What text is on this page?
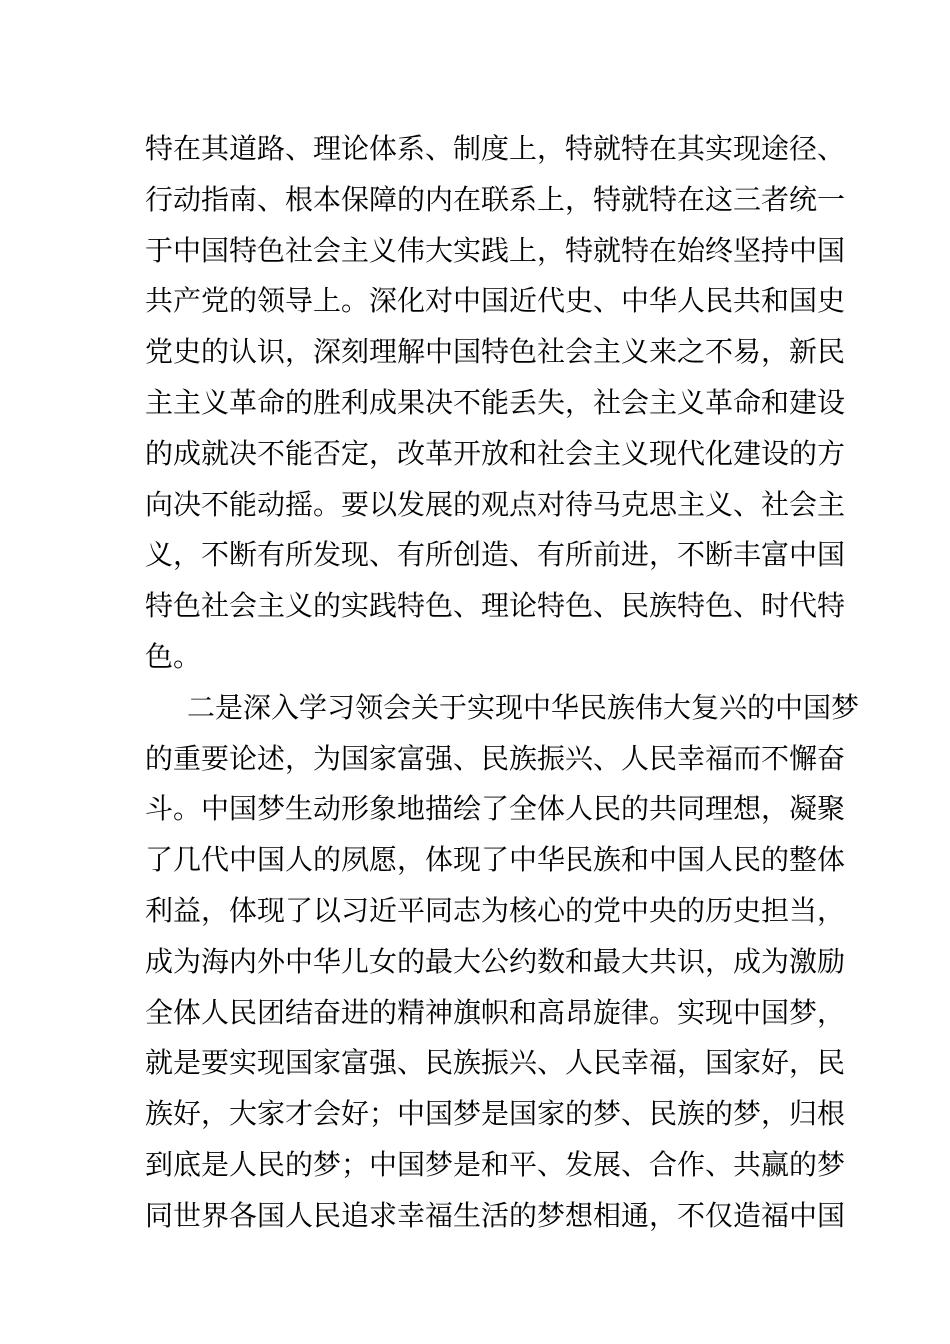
特在其道路、理论体系、制度上，特就特在其实现途径、
行动指南、根本保障的内在联系上，特就特在这三者统一
于中国特色社会主义伟大实践上，特就特在始终坚持中国
共产党的领导上。深化对中国近代史、中华人民共和国史
党史的认识，深刻理解中国特色社会主义来之不易，新民
主主义革命的胜利成果决不能丢失，社会主义革命和建设
的成就决不能否定，改革开放和社会主义现代化建设的方
向决不能动摇。要以发展的观点对待马克思主义、社会主
义，不断有所发现、有所创造、有所前进，不断丰富中国
特色社会主义的实践特色、理论特色、民族特色、时代特
色。
二是深入学习领会关于实现中华民族伟大复兴的中国梦
的重要论述，为国家富强、民族振兴、人民幸福而不懈奋
斗。中国梦生动形象地描绘了全体人民的共同理想，凝聚
了几代中国人的夙愿，体现了中华民族和中国人民的整体
利益，体现了以习近平同志为核心的党中央的历史担当，
成为海内外中华儿女的最大公约数和最大共识，成为激励
全体人民团结奋进的精神旗帜和高昂旋律。实现中国梦，
就是要实现国家富强、民族振兴、人民幸福，国家好，民
族好，大家才会好；中国梦是国家的梦、民族的梦，归根
到底是人民的梦；中国梦是和平、发展、合作、共赢的梦
同世界各国人民追求幸福生活的梦想相通，不仅造福中国
